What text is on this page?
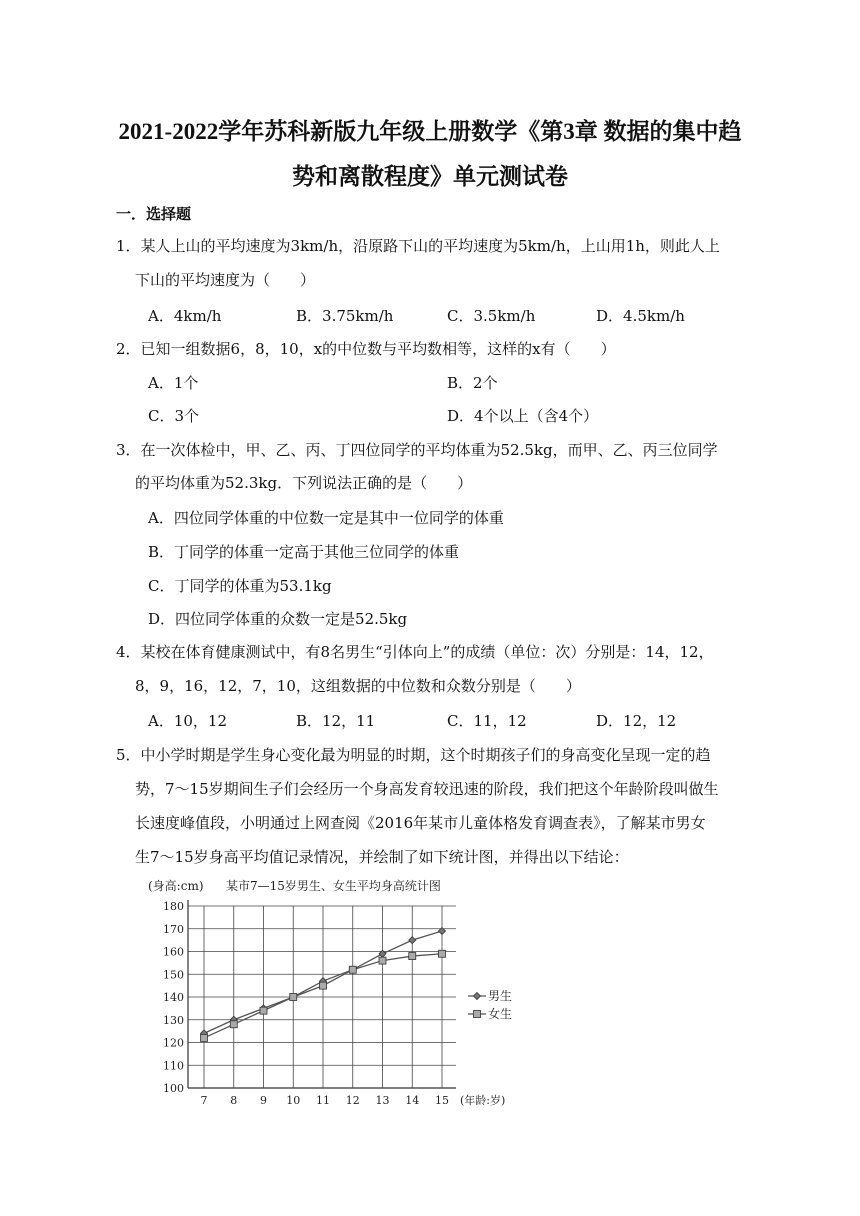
2021-2022学年苏科新版九年级上册数学《第3章 数据的集中趋
势和离散程度》单元测试卷
一．选择题
1．某人上山的平均速度为3km/h，沿原路下山的平均速度为5km/h，上山用1h，则此人上
下山的平均速度为（　　）
A．4km/h	B．3.75km/h	C．3.5km/h	D．4.5km/h
2．已知一组数据6，8，10，x的中位数与平均数相等，这样的x有（　　）
A．1个	B．2个
C．3个	D．4个以上（含4个）
3．在一次体检中，甲、乙、丙、丁四位同学的平均体重为52.5kg，而甲、乙、丙三位同学
的平均体重为52.3kg．下列说法正确的是（　　）
A．四位同学体重的中位数一定是其中一位同学的体重
B．丁同学的体重一定高于其他三位同学的体重
C．丁同学的体重为53.1kg
D．四位同学体重的众数一定是52.5kg
4．某校在体育健康测试中，有8名男生“引体向上”的成绩（单位：次）分别是：14，12，
8，9，16，12，7，10，这组数据的中位数和众数分别是（　　）
A．10，12	B．12，11	C．11，12	D．12，12
5．中小学时期是学生身心变化最为明显的时期，这个时期孩子们的身高变化呈现一定的趋
势，7～15岁期间生子们会经历一个身高发育较迅速的阶段，我们把这个年龄阶段叫做生
长速度峰值段，小明通过上网查阅《2016年某市儿童体格发育调查表》，了解某市男女
生7～15岁身高平均值记录情况，并绘制了如下统计图，并得出以下结论：
(身高:cm) 某市7—15岁男生、女生平均身高统计图
100
110
120
130
140
150
160
170
180
7 8 9 10 11 12 13 14 15 (年龄:岁)
男生
女生
